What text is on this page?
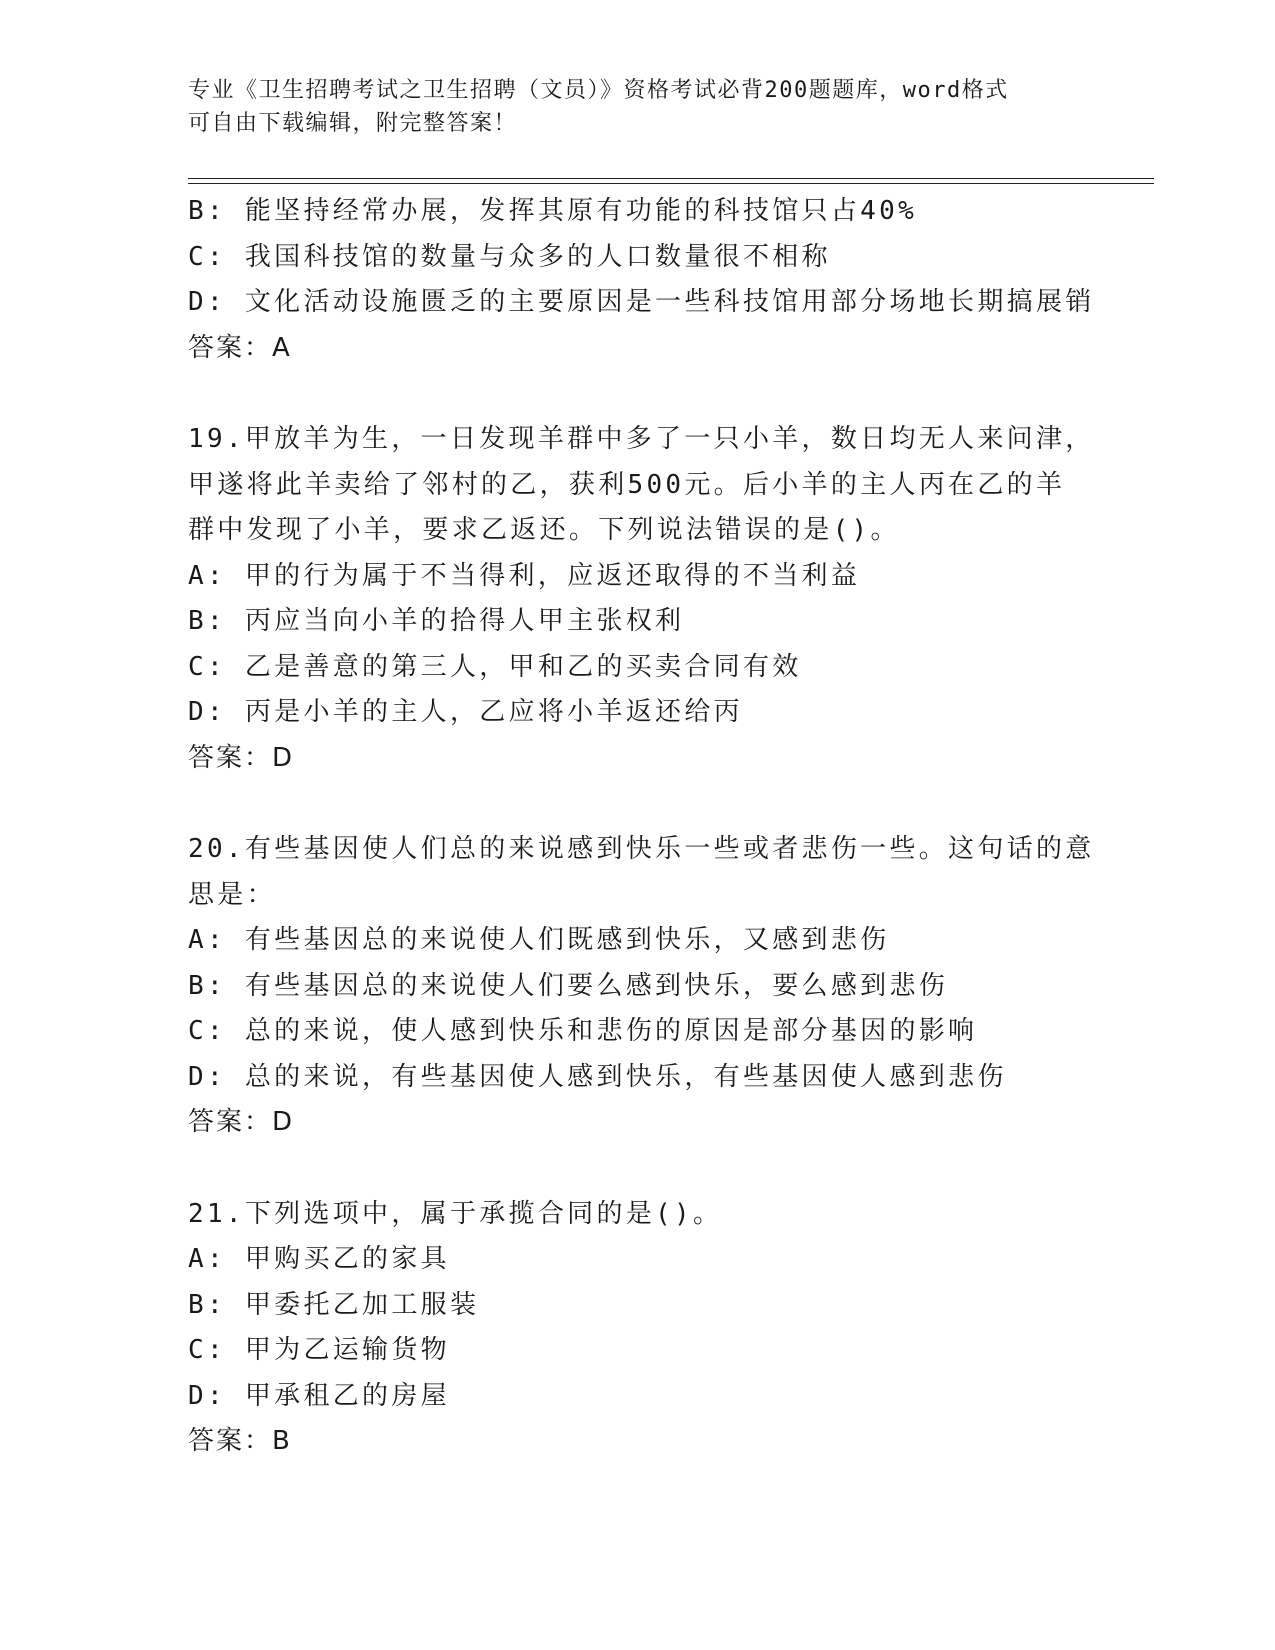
专业《卫生招聘考试之卫生招聘（文员）》资格考试必背200题题库，word格式
可自由下载编辑，附完整答案！
B: 能坚持经常办展，发挥其原有功能的科技馆只占40%
C: 我国科技馆的数量与众多的人口数量很不相称
D: 文化活动设施匮乏的主要原因是一些科技馆用部分场地长期搞展销
答案：A
19.甲放羊为生，一日发现羊群中多了一只小羊，数日均无人来问津，
甲遂将此羊卖给了邻村的乙，获利500元。后小羊的主人丙在乙的羊
群中发现了小羊，要求乙返还。下列说法错误的是()。
A: 甲的行为属于不当得利，应返还取得的不当利益
B: 丙应当向小羊的拾得人甲主张权利
C: 乙是善意的第三人，甲和乙的买卖合同有效
D: 丙是小羊的主人，乙应将小羊返还给丙
答案：D
20.有些基因使人们总的来说感到快乐一些或者悲伤一些。这句话的意
思是：
A: 有些基因总的来说使人们既感到快乐，又感到悲伤
B: 有些基因总的来说使人们要么感到快乐，要么感到悲伤
C: 总的来说，使人感到快乐和悲伤的原因是部分基因的影响
D: 总的来说，有些基因使人感到快乐，有些基因使人感到悲伤
答案：D
21.下列选项中，属于承揽合同的是()。
A: 甲购买乙的家具
B: 甲委托乙加工服装
C: 甲为乙运输货物
D: 甲承租乙的房屋
答案：B
